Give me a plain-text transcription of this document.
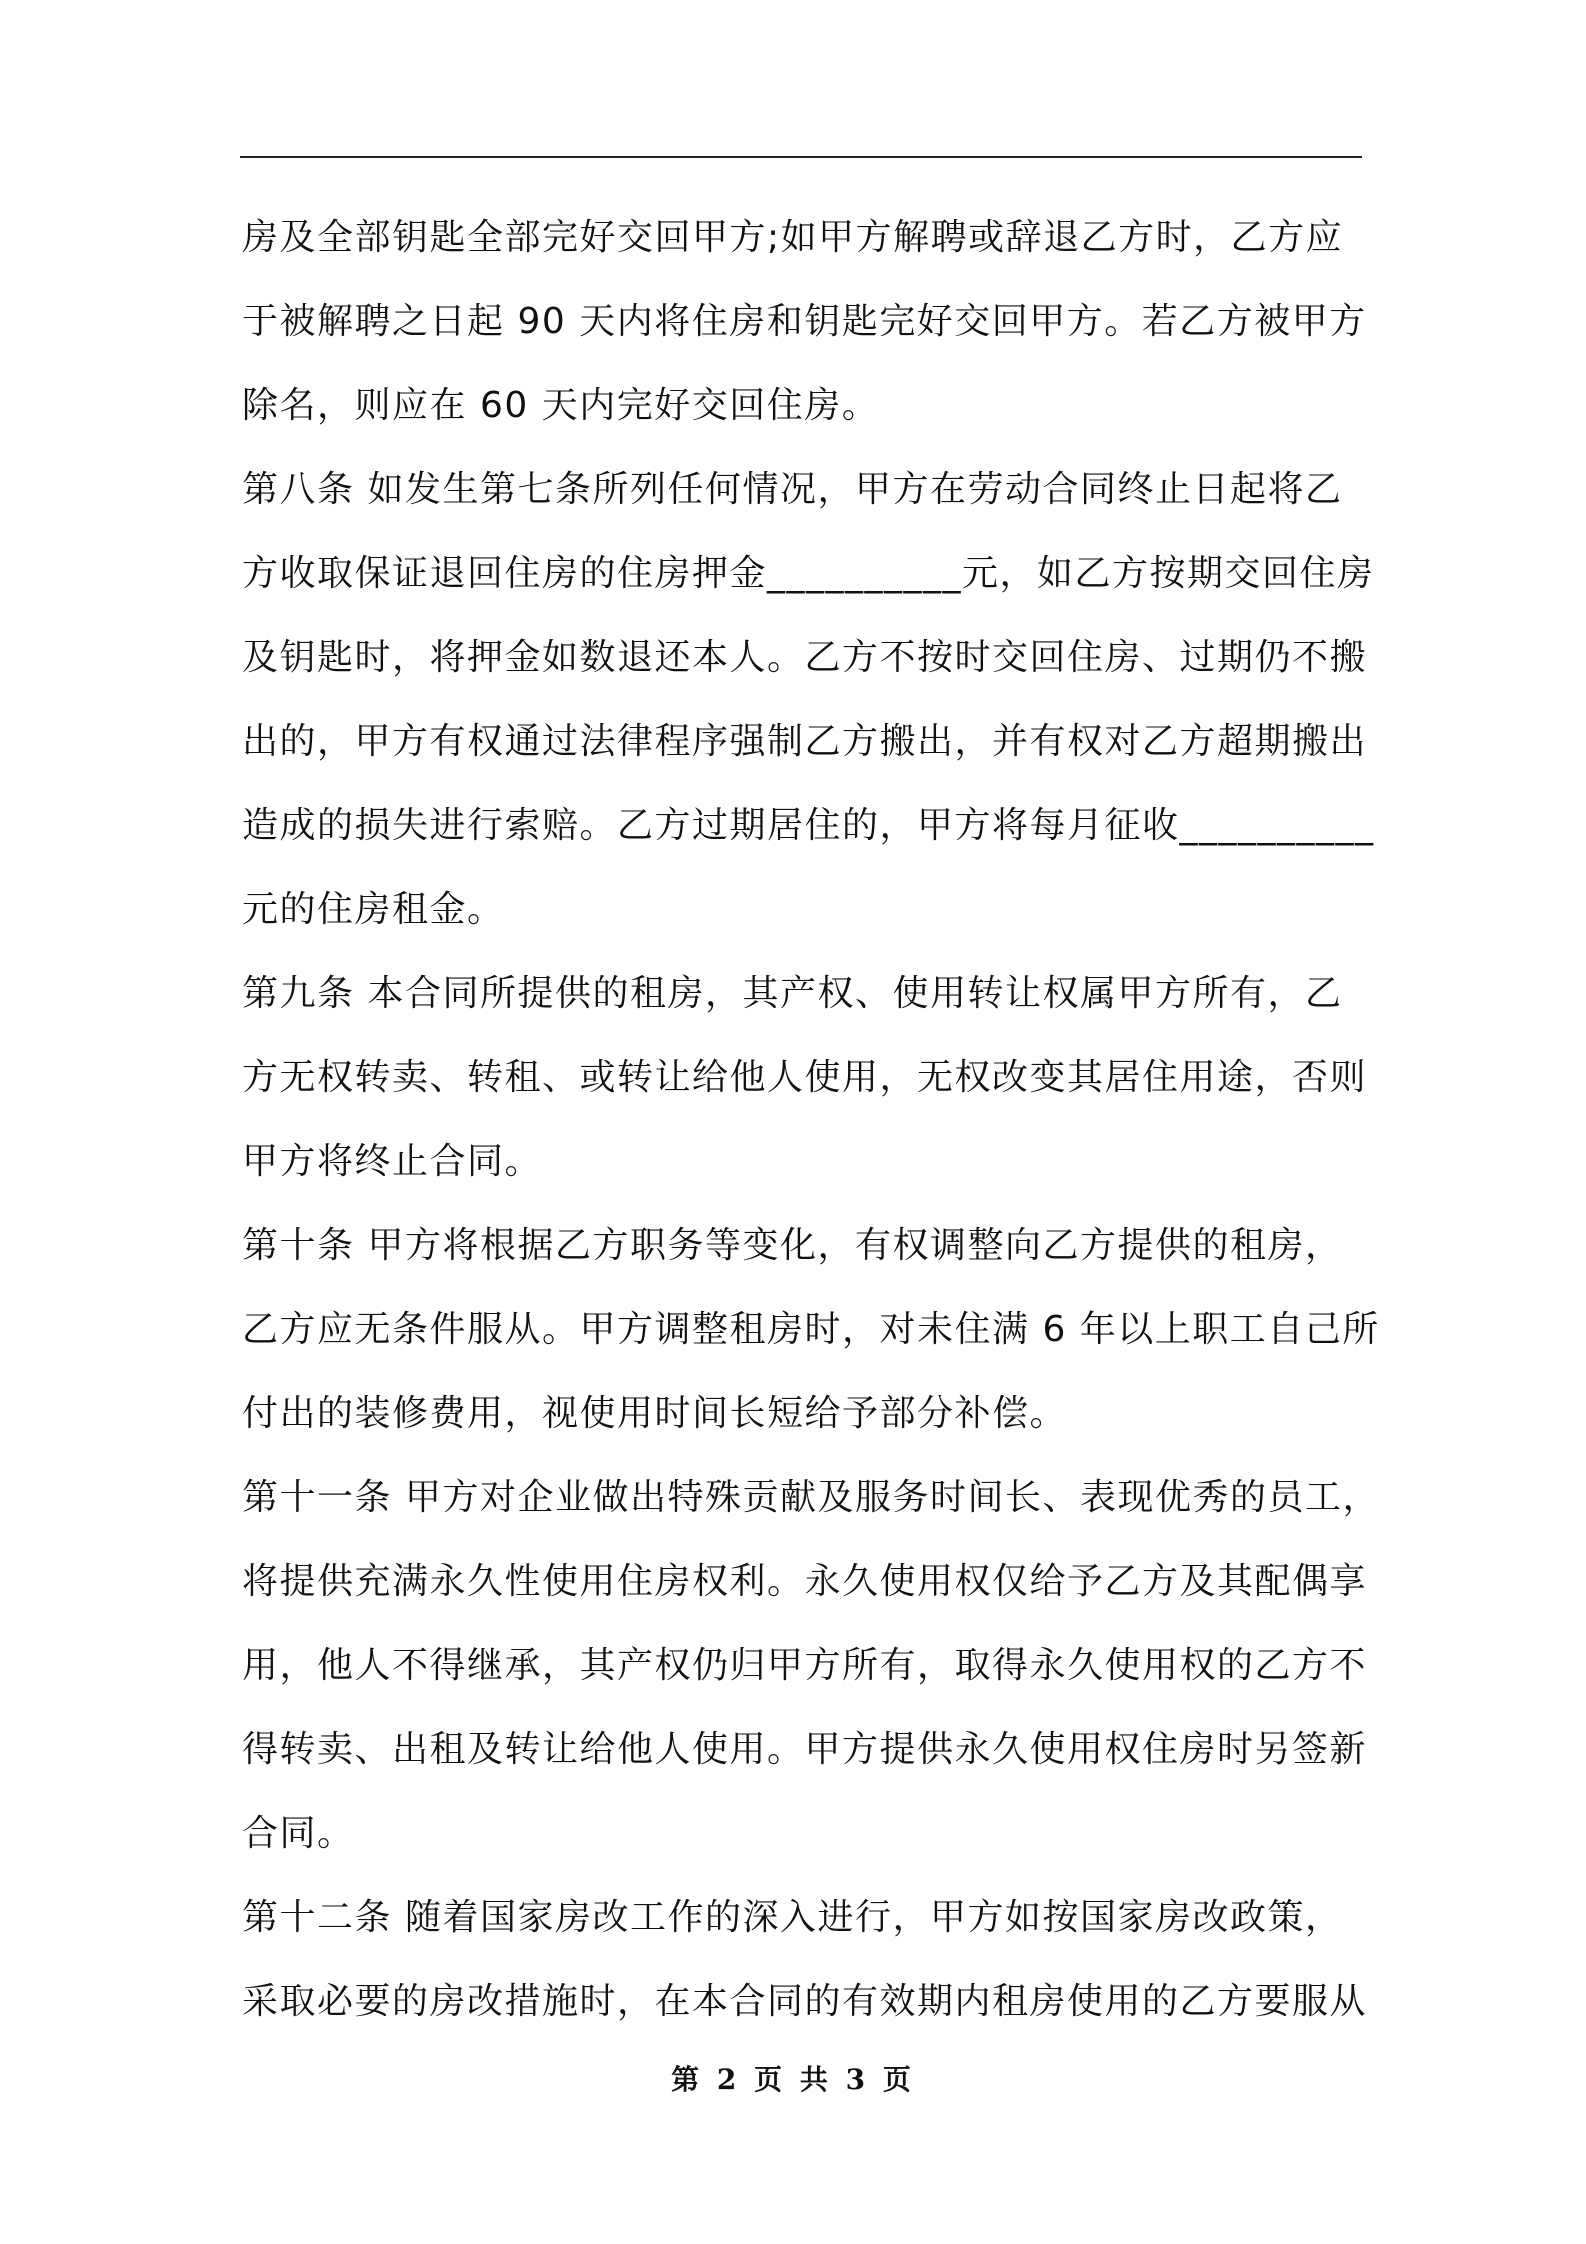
房及全部钥匙全部完好交回甲方;如甲方解聘或辞退乙方时，乙方应
于被解聘之日起 90 天内将住房和钥匙完好交回甲方。若乙方被甲方
除名，则应在 60 天内完好交回住房。
第八条 如发生第七条所列任何情况，甲方在劳动合同终止日起将乙
方收取保证退回住房的住房押金__________元，如乙方按期交回住房
及钥匙时，将押金如数退还本人。乙方不按时交回住房、过期仍不搬
出的，甲方有权通过法律程序强制乙方搬出，并有权对乙方超期搬出
造成的损失进行索赔。乙方过期居住的，甲方将每月征收__________
元的住房租金。
第九条 本合同所提供的租房，其产权、使用转让权属甲方所有，乙
方无权转卖、转租、或转让给他人使用，无权改变其居住用途，否则
甲方将终止合同。
第十条 甲方将根据乙方职务等变化，有权调整向乙方提供的租房，
乙方应无条件服从。甲方调整租房时，对未住满 6 年以上职工自己所
付出的装修费用，视使用时间长短给予部分补偿。
第十一条 甲方对企业做出特殊贡献及服务时间长、表现优秀的员工，
将提供充满永久性使用住房权利。永久使用权仅给予乙方及其配偶享
用，他人不得继承，其产权仍归甲方所有，取得永久使用权的乙方不
得转卖、出租及转让给他人使用。甲方提供永久使用权住房时另签新
合同。
第十二条 随着国家房改工作的深入进行，甲方如按国家房改政策，
采取必要的房改措施时，在本合同的有效期内租房使用的乙方要服从
第 2 页 共 3 页
